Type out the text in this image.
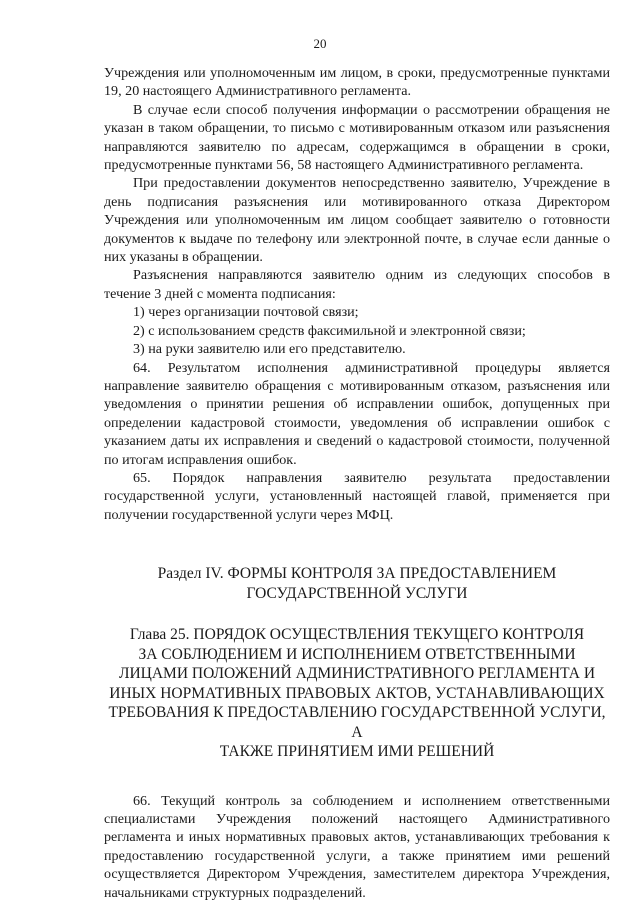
20

Учреждения или уполномоченным им лицом, в сроки, предусмотренные пунктами 19, 20 настоящего Административного регламента.

В случае если способ получения информации о рассмотрении обращения не указан в таком обращении, то письмо с мотивированным отказом или разъяснения направляются заявителю по адресам, содержащимся в обращении в сроки, предусмотренные пунктами 56, 58 настоящего Административного регламента.

При предоставлении документов непосредственно заявителю, Учреждение в день подписания разъяснения или мотивированного отказа Директором Учреждения или уполномоченным им лицом сообщает заявителю о готовности документов к выдаче по телефону или электронной почте, в случае если данные о них указаны в обращении.

Разъяснения направляются заявителю одним из следующих способов в течение 3 дней с момента подписания:

1) через организации почтовой связи;

2) с использованием средств факсимильной и электронной связи;

3) на руки заявителю или его представителю.

64. Результатом исполнения административной процедуры является направление заявителю обращения с мотивированным отказом, разъяснения или уведомления о принятии решения об исправлении ошибок, допущенных при определении кадастровой стоимости, уведомления об исправлении ошибок с указанием даты их исправления и сведений о кадастровой стоимости, полученной по итогам исправления ошибок.

65. Порядок направления заявителю результата предоставлении государственной услуги, установленный настоящей главой, применяется при получении государственной услуги через МФЦ.

Раздел IV. ФОРМЫ КОНТРОЛЯ ЗА ПРЕДОСТАВЛЕНИЕМ
ГОСУДАРСТВЕННОЙ УСЛУГИ
Глава 25. ПОРЯДОК ОСУЩЕСТВЛЕНИЯ ТЕКУЩЕГО КОНТРОЛЯ
ЗА СОБЛЮДЕНИЕМ И ИСПОЛНЕНИЕМ ОТВЕТСТВЕННЫМИ
ЛИЦАМИ ПОЛОЖЕНИЙ АДМИНИСТРАТИВНОГО РЕГЛАМЕНТА И
ИНЫХ НОРМАТИВНЫХ ПРАВОВЫХ АКТОВ, УСТАНАВЛИВАЮЩИХ
ТРЕБОВАНИЯ К ПРЕДОСТАВЛЕНИЮ ГОСУДАРСТВЕННОЙ УСЛУГИ, А
ТАКЖЕ ПРИНЯТИЕМ ИМИ РЕШЕНИЙ

66. Текущий контроль за соблюдением и исполнением ответственными специалистами Учреждения положений настоящего Административного регламента и иных нормативных правовых актов, устанавливающих требования к предоставлению государственной услуги, а также принятием ими решений осуществляется Директором Учреждения, заместителем директора Учреждения, начальниками структурных подразделений.
